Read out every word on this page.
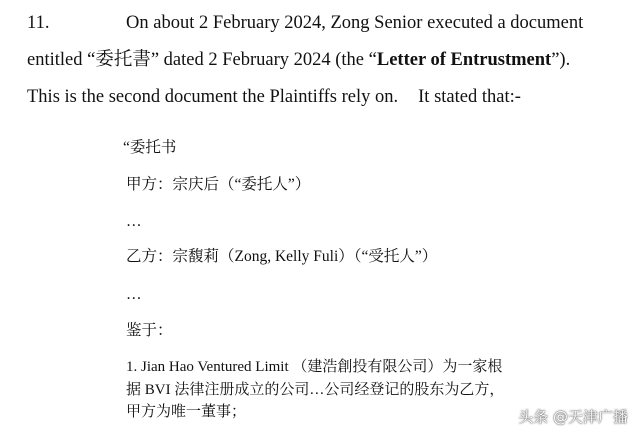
11.	On about 2 February 2024, Zong Senior executed a document
entitled “委托書” dated 2 February 2024 (the “Letter of Entrustment”).
This is the second document the Plaintiffs rely on. It stated that:-
“委托书
甲方：宗庆后（“委托人”）
…
乙方：宗馥莉（Zong, Kelly Fuli）（“受托人”）
…
鉴于：
1. Jian Hao Ventured Limit （建浩創投有限公司）为一家根
据 BVI 法律注册成立的公司…公司经登记的股东为乙方，
甲方为唯一董事；	头条 @天津广播
